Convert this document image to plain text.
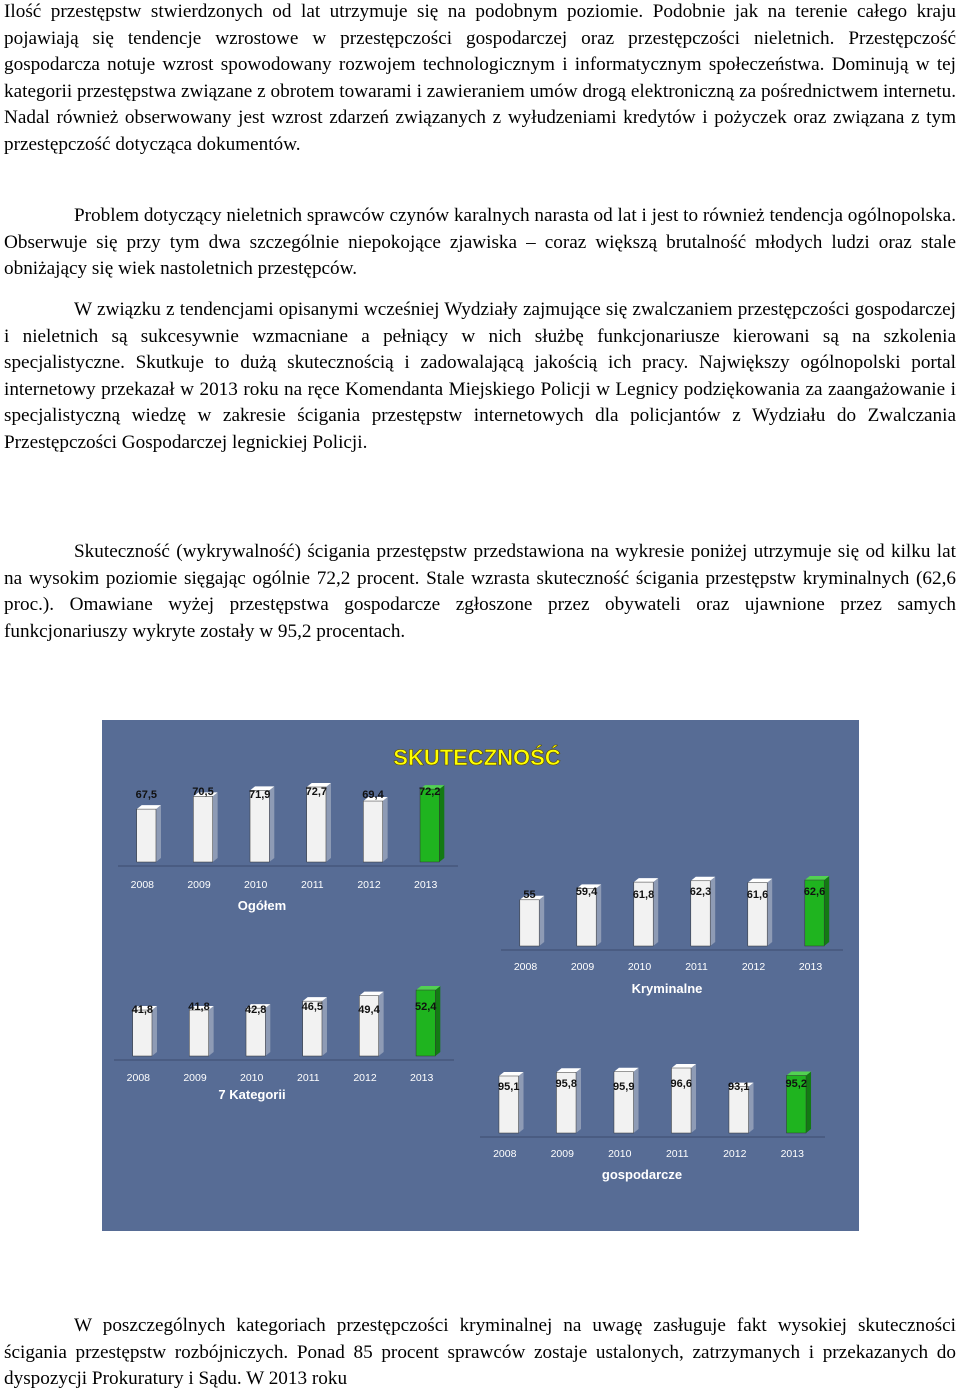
Ilość przestępstw stwierdzonych od lat utrzymuje się na podobnym poziomie. Podobnie jak na terenie całego kraju pojawiają się tendencje wzrostowe w przestępczości gospodarczej oraz przestępczości nieletnich. Przestępczość gospodarcza notuje wzrost spowodowany rozwojem technologicznym i informatycznym społeczeństwa. Dominują w tej kategorii przestępstwa związane z obrotem towarami i zawieraniem umów drogą elektroniczną za pośrednictwem internetu. Nadal również obserwowany jest wzrost zdarzeń związanych z wyłudzeniami kredytów i pożyczek oraz związana z tym przestępczość dotycząca dokumentów.

Problem dotyczący nieletnich sprawców czynów karalnych narasta od lat i jest to również tendencja ogólnopolska. Obserwuje się przy tym dwa szczególnie niepokojące zjawiska – coraz większą brutalność młodych ludzi oraz stale obniżający się wiek nastoletnich przestępców.

W związku z tendencjami opisanymi wcześniej Wydziały zajmujące się zwalczaniem przestępczości gospodarczej i nieletnich są sukcesywnie wzmacniane a pełniący w nich służbę funkcjonariusze kierowani są na szkolenia specjalistyczne. Skutkuje to dużą skutecznością i zadowalającą jakością ich pracy. Największy ogólnopolski portal internetowy przekazał w 2013 roku na ręce Komendanta Miejskiego Policji w Legnicy podziękowania za zaangażowanie i specjalistyczną wiedzę w zakresie ścigania przestępstw internetowych dla policjantów z Wydziału do Zwalczania Przestępczości Gospodarczej legnickiej Policji.

Skuteczność (wykrywalność) ścigania przestępstw przedstawiona na wykresie poniżej utrzymuje się od kilku lat na wysokim poziomie sięgając ogólnie 72,2 procent. Stale wzrasta skuteczność ścigania przestępstw kryminalnych (62,6 proc.). Omawiane wyżej przestępstwa gospodarcze zgłoszone przez obywateli oraz ujawnione przez samych funkcjonariuszy wykryte zostały w 95,2 procentach.

SKUTECZNOŚĆ
67,5
2008
70,5
2009
71,9
2010
72,7
2011
69,4
2012
72,2
2013
Ogółem
55
2008
59,4
2009
61,8
2010
62,3
2011
61,6
2012
62,6
2013
Kryminalne
41,8
2008
41,8
2009
42,8
2010
46,5
2011
49,4
2012
52,4
2013
7 Kategorii	95,1
2008
95,8
2009
95,9
2010
96,6
2011
93,1
2012
95,2
2013
gospodarcze

W poszczególnych kategoriach przestępczości kryminalnej na uwagę zasługuje fakt wysokiej skuteczności ścigania przestępstw rozbójniczych. Ponad 85 procent sprawców zostaje ustalonych, zatrzymanych i przekazanych do dyspozycji Prokuratury i Sądu. W 2013 roku
